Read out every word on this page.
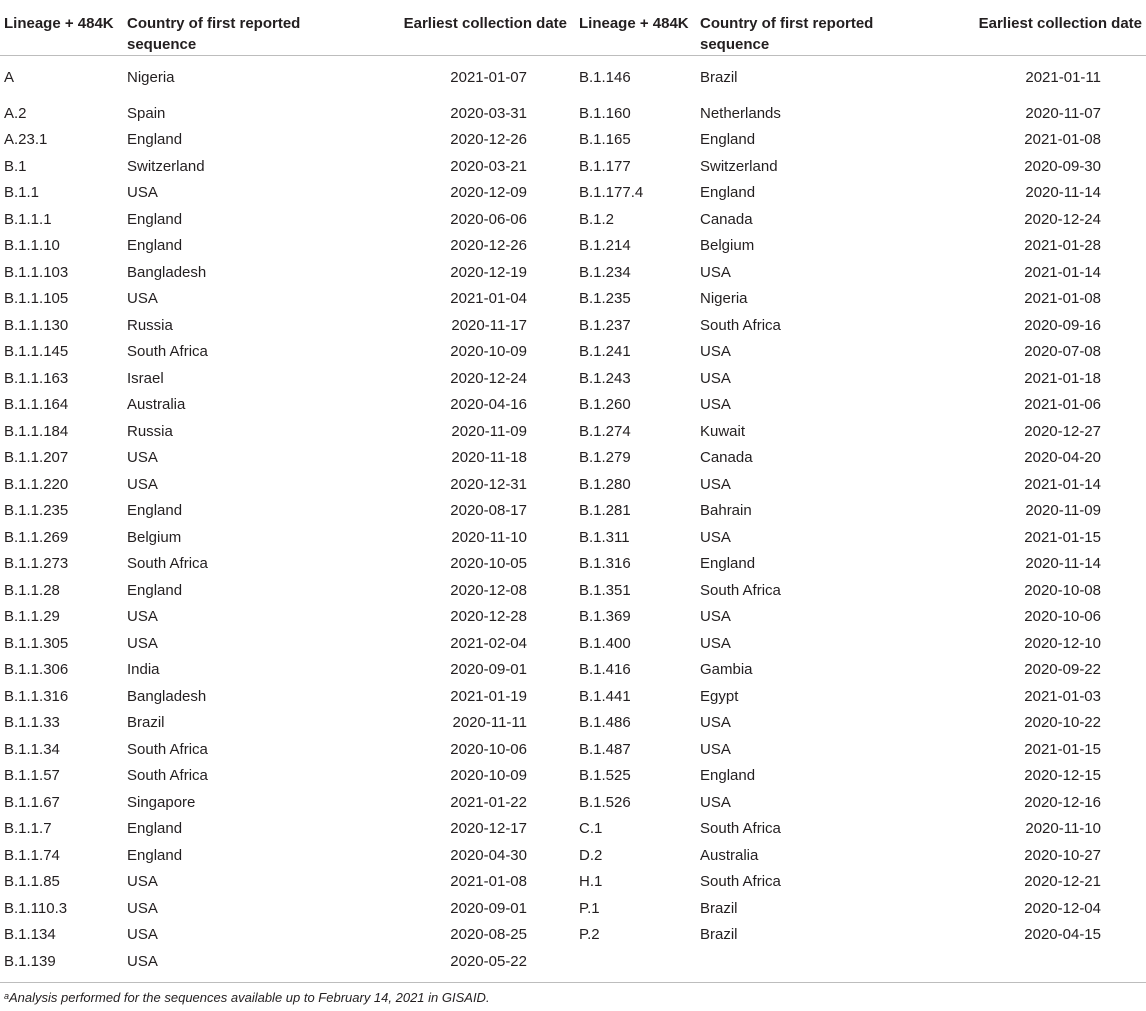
Lineage + 484K	Country of first reported sequence	Earliest collection date	Lineage + 484K	Country of first reported sequence	Earliest collection date
A	Nigeria	2021-01-07	B.1.146	Brazil	2021-01-11
A.2	Spain	2020-03-31	B.1.160	Netherlands	2020-11-07
A.23.1	England	2020-12-26	B.1.165	England	2021-01-08
B.1	Switzerland	2020-03-21	B.1.177	Switzerland	2020-09-30
B.1.1	USA	2020-12-09	B.1.177.4	England	2020-11-14
B.1.1.1	England	2020-06-06	B.1.2	Canada	2020-12-24
B.1.1.10	England	2020-12-26	B.1.214	Belgium	2021-01-28
B.1.1.103	Bangladesh	2020-12-19	B.1.234	USA	2021-01-14
B.1.1.105	USA	2021-01-04	B.1.235	Nigeria	2021-01-08
B.1.1.130	Russia	2020-11-17	B.1.237	South Africa	2020-09-16
B.1.1.145	South Africa	2020-10-09	B.1.241	USA	2020-07-08
B.1.1.163	Israel	2020-12-24	B.1.243	USA	2021-01-18
B.1.1.164	Australia	2020-04-16	B.1.260	USA	2021-01-06
B.1.1.184	Russia	2020-11-09	B.1.274	Kuwait	2020-12-27
B.1.1.207	USA	2020-11-18	B.1.279	Canada	2020-04-20
B.1.1.220	USA	2020-12-31	B.1.280	USA	2021-01-14
B.1.1.235	England	2020-08-17	B.1.281	Bahrain	2020-11-09
B.1.1.269	Belgium	2020-11-10	B.1.311	USA	2021-01-15
B.1.1.273	South Africa	2020-10-05	B.1.316	England	2020-11-14
B.1.1.28	England	2020-12-08	B.1.351	South Africa	2020-10-08
B.1.1.29	USA	2020-12-28	B.1.369	USA	2020-10-06
B.1.1.305	USA	2021-02-04	B.1.400	USA	2020-12-10
B.1.1.306	India	2020-09-01	B.1.416	Gambia	2020-09-22
B.1.1.316	Bangladesh	2021-01-19	B.1.441	Egypt	2021-01-03
B.1.1.33	Brazil	2020-11-11	B.1.486	USA	2020-10-22
B.1.1.34	South Africa	2020-10-06	B.1.487	USA	2021-01-15
B.1.1.57	South Africa	2020-10-09	B.1.525	England	2020-12-15
B.1.1.67	Singapore	2021-01-22	B.1.526	USA	2020-12-16
B.1.1.7	England	2020-12-17	C.1	South Africa	2020-11-10
B.1.1.74	England	2020-04-30	D.2	Australia	2020-10-27
B.1.1.85	USA	2021-01-08	H.1	South Africa	2020-12-21
B.1.110.3	USA	2020-09-01	P.1	Brazil	2020-12-04
B.1.134	USA	2020-08-25	P.2	Brazil	2020-04-15
B.1.139	USA	2020-05-22			
$^a$Analysis performed for the sequences available up to February 14, 2021 in GISAID.
